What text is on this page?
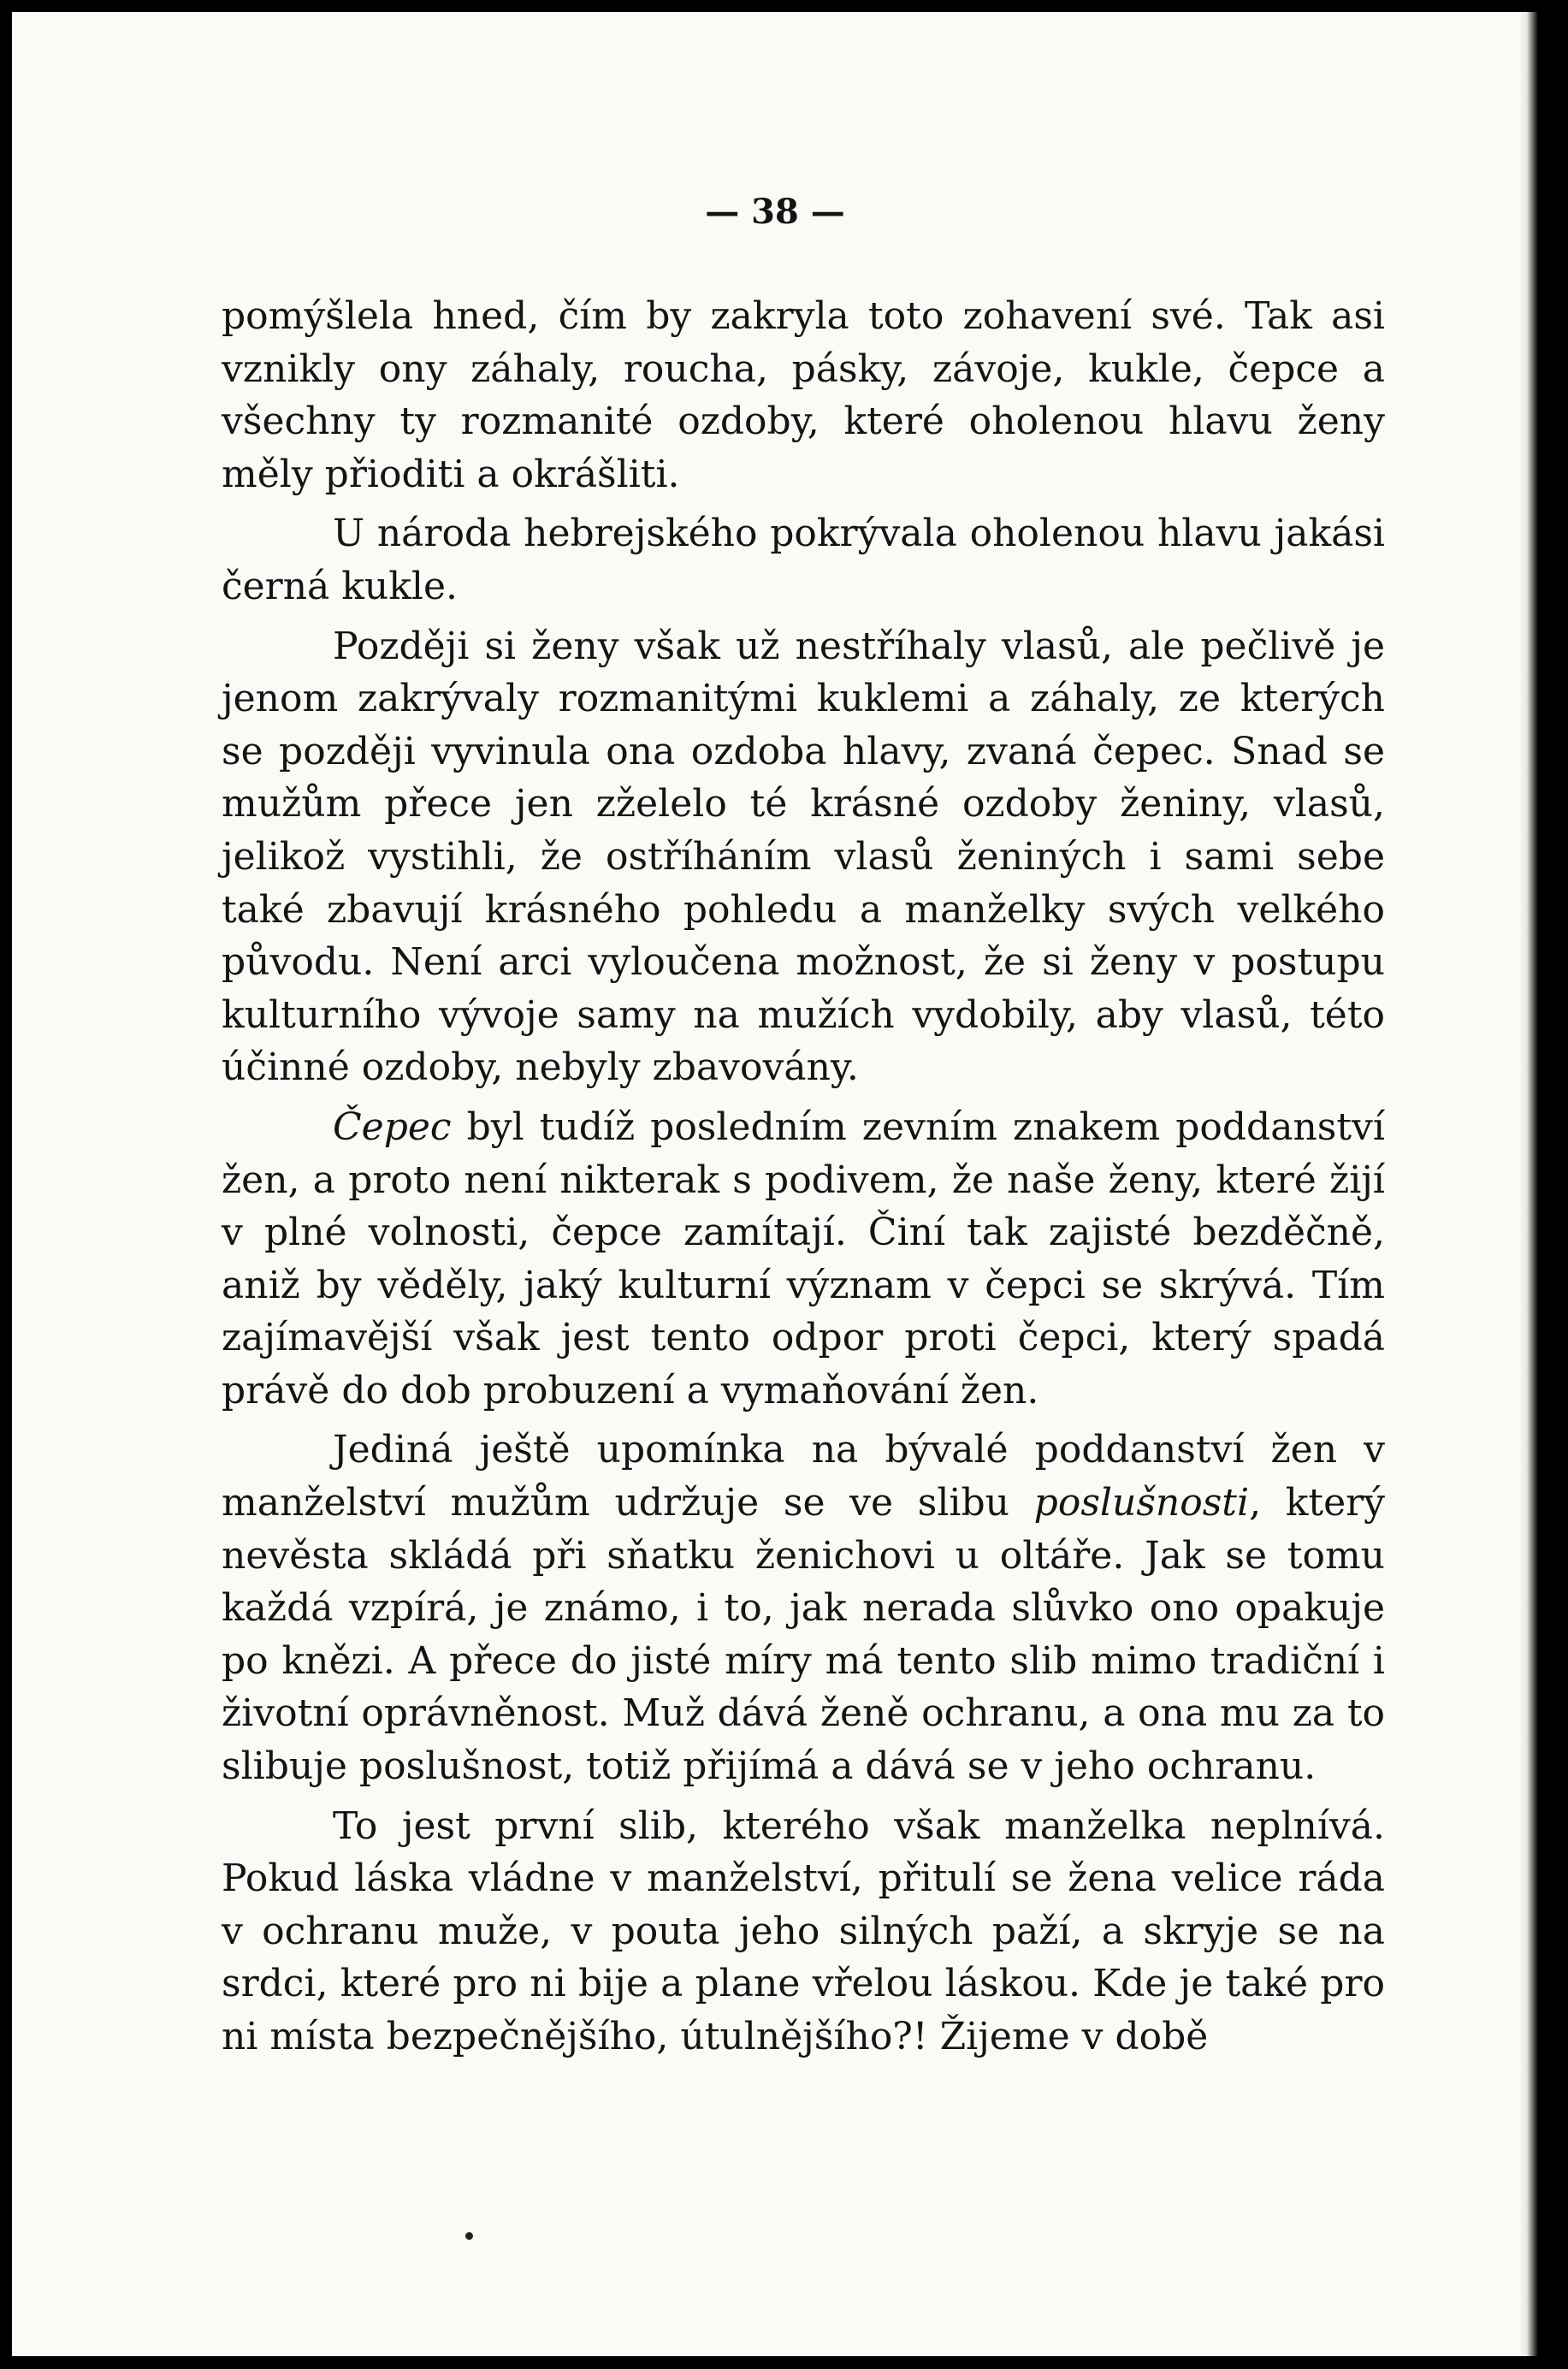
— 38 —

pomýšlela hned, čím by zakryla toto zohavení své. Tak asi vznikly ony záhaly, roucha, pásky, závoje, kukle, čepce a všechny ty rozmanité ozdoby, které oholenou hlavu ženy měly přioditi a okrášliti.

U národa hebrejského pokrývala oholenou hlavu jakási černá kukle.

Později si ženy však už nestříhaly vlasů, ale pečlivě je jenom zakrývaly rozmanitými kuklemi a záhaly, ze kterých se později vyvinula ona ozdoba hlavy, zvaná čepec. Snad se mužům přece jen zželelo té krásné ozdoby ženiny, vlasů, jelikož vystihli, že ostříháním vlasů ženiných i sami sebe také zbavují krásného pohledu a manželky svých velkého původu. Není arci vyloučena možnost, že si ženy v postupu kulturního vývoje samy na mužích vydobily, aby vlasů, této účinné ozdoby, nebyly zbavovány.

Čepec byl tudíž posledním zevním znakem poddanství žen, a proto není nikterak s podivem, že naše ženy, které žijí v plné volnosti, čepce zamítají. Činí tak zajisté bezděčně, aniž by věděly, jaký kulturní význam v čepci se skrývá. Tím zajímavější však jest tento odpor proti čepci, který spadá právě do dob probuzení a vymaňování žen.

Jediná ještě upomínka na bývalé poddanství žen v manželství mužům udržuje se ve slibu poslušnosti, který nevěsta skládá při sňatku ženichovi u oltáře. Jak se tomu každá vzpírá, je známo, i to, jak nerada slůvko ono opakuje po knězi. A přece do jisté míry má tento slib mimo tradiční i životní oprávněnost. Muž dává ženě ochranu, a ona mu za to slibuje poslušnost, totiž přijímá a dává se v jeho ochranu.

To jest první slib, kterého však manželka neplnívá. Pokud láska vládne v manželství, přitulí se žena velice ráda v ochranu muže, v pouta jeho silných paží, a skryje se na srdci, které pro ni bije a plane vřelou láskou. Kde je také pro ni místa bezpečnějšího, útulnějšího?! Žijeme v době
